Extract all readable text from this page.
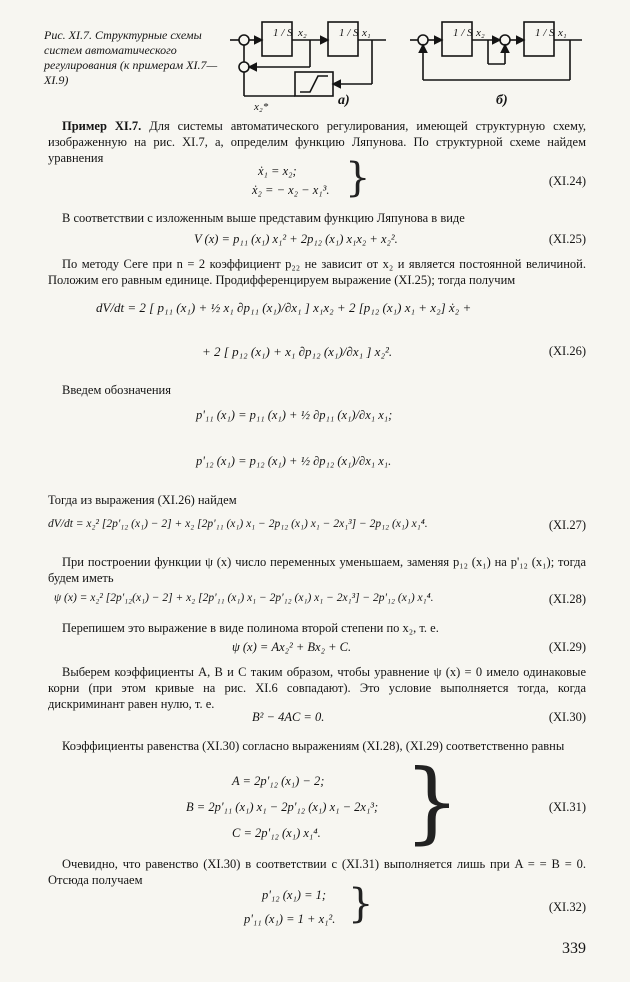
Рис. XI.7. Структурные схемы систем автоматического регулирования (к примерам XI.7—XI.9)
1 / S	1 / S	1 / S	1 / S
x₂	x₁
x₂*
x₂	x₁
а)	б)
Пример XI.7. Для системы автоматического регулирования, имеющей структурную схему, изображенную на рис. XI.7, а, определим функцию Ляпунова. По структурной схеме найдем уравнения
ẋ₁ = x₂;
ẋ₂ = − x₂ − x₁³. }	(XI.24)
В соответствии с изложенным выше представим функцию Ляпунова в виде
V (x) = p₁₁ (x₁) x₁² + 2p₁₂ (x₁) x₁x₂ + x₂².	(XI.25)
По методу Сеге при n = 2 коэффициент p₂₂ не зависит от x₂ и является постоянной величиной. Положим его равным единице. Продифференцируем выражение (XI.25); тогда получим
dV/dt = 2 [ p₁₁ (x₁) + ½ x₁ ∂p₁₁ (x₁)/∂x₁ ] x₁x₂ + 2 [p₁₂ (x₁) x₁ + x₂] ẋ₂ +
+ 2 [ p₁₂ (x₁) + x₁ ∂p₁₂ (x₁)/∂x₁ ] x₂².	(XI.26)
Введем обозначения
p'₁₁ (x₁) = p₁₁ (x₁) + ½ ∂p₁₁ (x₁)/∂x₁ x₁;
p'₁₂ (x₁) = p₁₂ (x₁) + ½ ∂p₁₂ (x₁)/∂x₁ x₁.
Тогда из выражения (XI.26) найдем
dV/dt = x₂² [2p'₁₂ (x₁) − 2] + x₂ [2p'₁₁ (x₁) x₁ − 2p₁₂ (x₁) x₁ − 2x₁³] − 2p₁₂ (x₁) x₁⁴.	(XI.27)
При построении функции ψ (x) число переменных уменьшаем, заменяя p₁₂ (x₁) на p'₁₂ (x₁); тогда будем иметь
ψ (x) = x₂² [2p'₁₂(x₁) − 2] + x₂ [2p'₁₁ (x₁) x₁ − 2p'₁₂ (x₁) x₁ − 2x₁³] − 2p'₁₂ (x₁) x₁⁴.	(XI.28)
Перепишем это выражение в виде полинома второй степени по x₂, т. е.
ψ (x) = Ax₂² + Bx₂ + C.	(XI.29)
Выберем коэффициенты A, B и C таким образом, чтобы уравнение ψ (x) = 0 имело одинаковые корни (при этом кривые на рис. XI.6 совпадают). Это условие выполняется тогда, когда дискриминант равен нулю, т. е.
B² − 4AC = 0.	(XI.30)
Коэффициенты равенства (XI.30) согласно выражениям (XI.28), (XI.29) соответственно равны
A = 2p'₁₂ (x₁) − 2;
B = 2p'₁₁ (x₁) x₁ − 2p'₁₂ (x₁) x₁ − 2x₁³;
C = 2p'₁₂ (x₁) x₁⁴. }	(XI.31)
Очевидно, что равенство (XI.30) в соответствии с (XI.31) выполняется лишь при A = = B = 0. Отсюда получаем
p'₁₂ (x₁) = 1;
p'₁₁ (x₁) = 1 + x₁². }	(XI.32)
339
